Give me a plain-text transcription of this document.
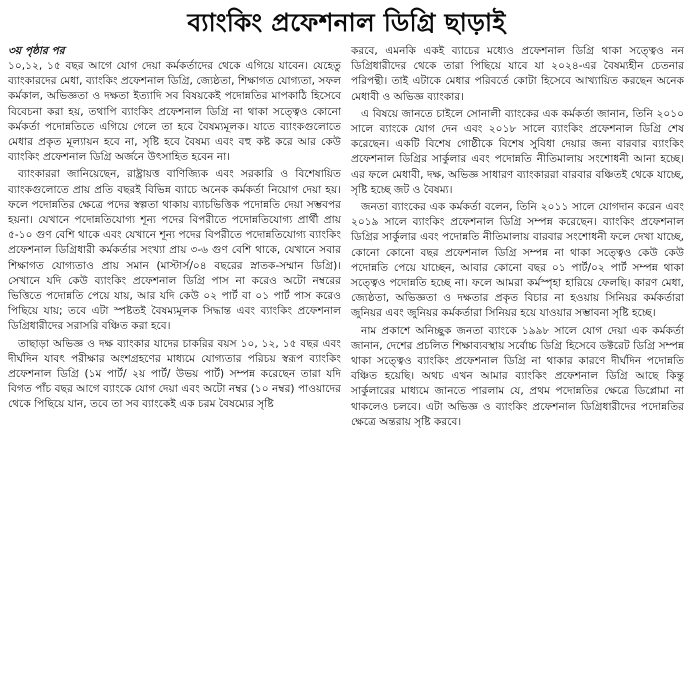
ব্যাংকিং প্রফেশনাল ডিগ্রি ছাড়াই
৩য় পৃষ্ঠার পর

১০,১২, ১৫ বছর আগে যোগ দেয়া কর্মকর্তাদের থেকে এগিয়ে যাবেন। যেহেতু ব্যাংকারদের মেধা, ব্যাংকিং প্রফেশনাল ডিগ্রি, জ্যেষ্ঠতা, শিক্ষাগত যোগ্যতা, সফল কর্মকাল, অভিজ্ঞতা ও দক্ষতা ইত্যাদি সব বিষয়কেই পদোন্নতির মাপকাঠি হিসেবে বিবেচনা করা হয়, তথাপি ব্যাংকিং প্রফেশনাল ডিগ্রি না থাকা সত্ত্বেও কোনো কর্মকর্তা পদোন্নতিতে এগিয়ে গেলে তা হবে বৈষম্যমূলক। যাতে ব্যাংকগুলোতে মেধার প্রকৃত মূল্যায়ন হবে না, সৃষ্টি হবে বৈষম্য এবং বহু কষ্ট করে আর কেউ ব্যাংকিং প্রফেশনাল ডিগ্রি অর্জনে উৎসাহিত হবেন না।

ব্যাংকাররা জানিয়েছেন, রাষ্ট্রায়ত্ত বাণিজ্যিক এবং সরকারি ও বিশেষায়িত ব্যাংকগুলোতে প্রায় প্রতি বছরই বিভিন্ন ব্যাচে অনেক কর্মকর্তা নিয়োগ দেয়া হয়। ফলে পদোন্নতির ক্ষেত্রে পদের স্বল্পতা থাকায় ব্যাচভিত্তিক পদোন্নতি দেয়া সম্ভবপর হয়না। যেখানে পদোন্নতিযোগ্য শূন্য পদের বিপরীতে পদোন্নতিযোগ্য প্রার্থী প্রায় ৫-১০ গুণ বেশি থাকে এবং যেখানে শূন্য পদের বিপরীতে পদোন্নতিযোগ্য ব্যাংকিং প্রফেশনাল ডিগ্রিধারী কর্মকর্তার সংখ্যা প্রায় ৩-৬ গুণ বেশি থাকে, যেখানে সবার শিক্ষাগত যোগ্যতাও প্রায় সমান (মাস্টার্স/০৪ বছরের স্নাতক-সম্মান ডিগ্রি)। সেখানে যদি কেউ ব্যাংকিং প্রফেশনাল ডিগ্রি পাস না করেও অটো নম্বরের ভিত্তিতে পদোন্নতি পেয়ে যায়, আর যদি কেউ ০২ পার্ট বা ০১ পার্ট পাস করেও পিছিয়ে যায়; তবে এটা স্পষ্টতই বৈষম্যমূলক সিদ্ধান্ত এবং ব্যাংকিং প্রফেশনাল ডিগ্রিধারীদের সরাসরি বঞ্চিত করা হবে।

তাছাড়া অভিজ্ঞ ও দক্ষ ব্যাংকার যাদের চাকরির বয়স ১০, ১২, ১৫ বছর এবং দীর্ঘদিন যাবৎ পরীক্ষার অংশগ্রহণের মাধ্যমে যোগ্যতার পরিচয় স্বরূপ ব্যাংকিং প্রফেশনাল ডিগ্রি (১ম পার্ট/ ২য় পার্ট/ উভয় পার্ট) সম্পন্ন করেছেন তারা যদি বিগত পাঁচ বছর আগে ব্যাংকে যোগ দেয়া এবং অটো নম্বর (১০ নম্বর) পাওয়াদের থেকে পিছিয়ে যান, তবে তা সব ব্যাংকেই এক চরম বৈষম্যের সৃষ্টি

করবে, এমনকি একই ব্যাচের মধ্যেও প্রফেশনাল ডিগ্রি থাকা সত্ত্বেও নন ডিগ্রিধারীদের থেকে তারা পিছিয়ে যাবে যা ২০২৪-এর বৈষম্যহীন চেতনার পরিপন্থী। তাই এটাকে মেধার পরিবর্তে কোটা হিসেবে আখ্যায়িত করছেন অনেক মেধাবী ও অভিজ্ঞ ব্যাংকার।

এ বিষয়ে জানতে চাইলে সোনালী ব্যাংকের এক কর্মকর্তা জানান, তিনি ২০১০ সালে ব্যাংকে যোগ দেন এবং ২০১৮ সালে ব্যাংকিং প্রফেশনাল ডিগ্রি শেষ করেছেন। একটি বিশেষ গোষ্ঠীকে বিশেষ সুবিধা দেয়ার জন্য বারবার ব্যাংকিং প্রফেশনাল ডিগ্রির সার্কুলার এবং পদোন্নতি নীতিমালায় সংশোধনী আনা হচ্ছে। এর ফলে মেধাবী, দক্ষ, অভিজ্ঞ সাধারণ ব্যাংকাররা বারবার বঞ্চিতই থেকে যাচ্ছে, সৃষ্টি হচ্ছে জট ও বৈষম্য।

জনতা ব্যাংকের এক কর্মকর্তা বলেন, তিনি ২০১১ সালে যোগদান করেন এবং ২০১৯ সালে ব্যাংকিং প্রফেশনাল ডিগ্রি সম্পন্ন করেছেন। ব্যাংকিং প্রফেশনাল ডিগ্রির সার্কুলার এবং পদোন্নতি নীতিমালায় বারবার সংশোধনী ফলে দেখা যাচ্ছে, কোনো কোনো বছর প্রফেশনাল ডিগ্রি সম্পন্ন না থাকা সত্ত্বেও কেউ কেউ পদোন্নতি পেয়ে যাচ্ছেন, আবার কোনো বছর ০১ পার্ট/০২ পার্ট সম্পন্ন থাকা সত্ত্বেও পদোন্নতি হচ্ছে না। ফলে আমরা কর্মস্পৃহা হারিয়ে ফেলছি। কারণ মেধা, জ্যেষ্ঠতা, অভিজ্ঞতা ও দক্ষতার প্রকৃত বিচার না হওয়ায় সিনিয়র কর্মকর্তারা জুনিয়র এবং জুনিয়র কর্মকর্তারা সিনিয়র হয়ে যাওয়ার সম্ভাবনা সৃষ্টি হচ্ছে।

নাম প্রকাশে অনিচ্ছুক জনতা ব্যাংকে ১৯৯৮ সালে যোগ দেয়া এক কর্মকর্তা জানান, দেশের প্রচলিত শিক্ষাব্যবস্থায় সর্বোচ্চ ডিগ্রি হিসেবে ডক্টরেট ডিগ্রি সম্পন্ন থাকা সত্ত্বেও ব্যাংকিং প্রফেশনাল ডিগ্রি না থাকার কারণে দীর্ঘদিন পদোন্নতি বঞ্চিত হয়েছি। অথচ এখন আমার ব্যাংকিং প্রফেশনাল ডিগ্রি আছে কিন্তু সার্কুলারের মাধ্যমে জানতে পারলাম যে, প্রথম পদোন্নতির ক্ষেত্রে ডিপ্লোমা না থাকলেও চলবে। এটা অভিজ্ঞ ও ব্যাংকিং প্রফেশনাল ডিগ্রিধারীদের পদোন্নতির ক্ষেত্রে অন্তরায় সৃষ্টি করবে।
